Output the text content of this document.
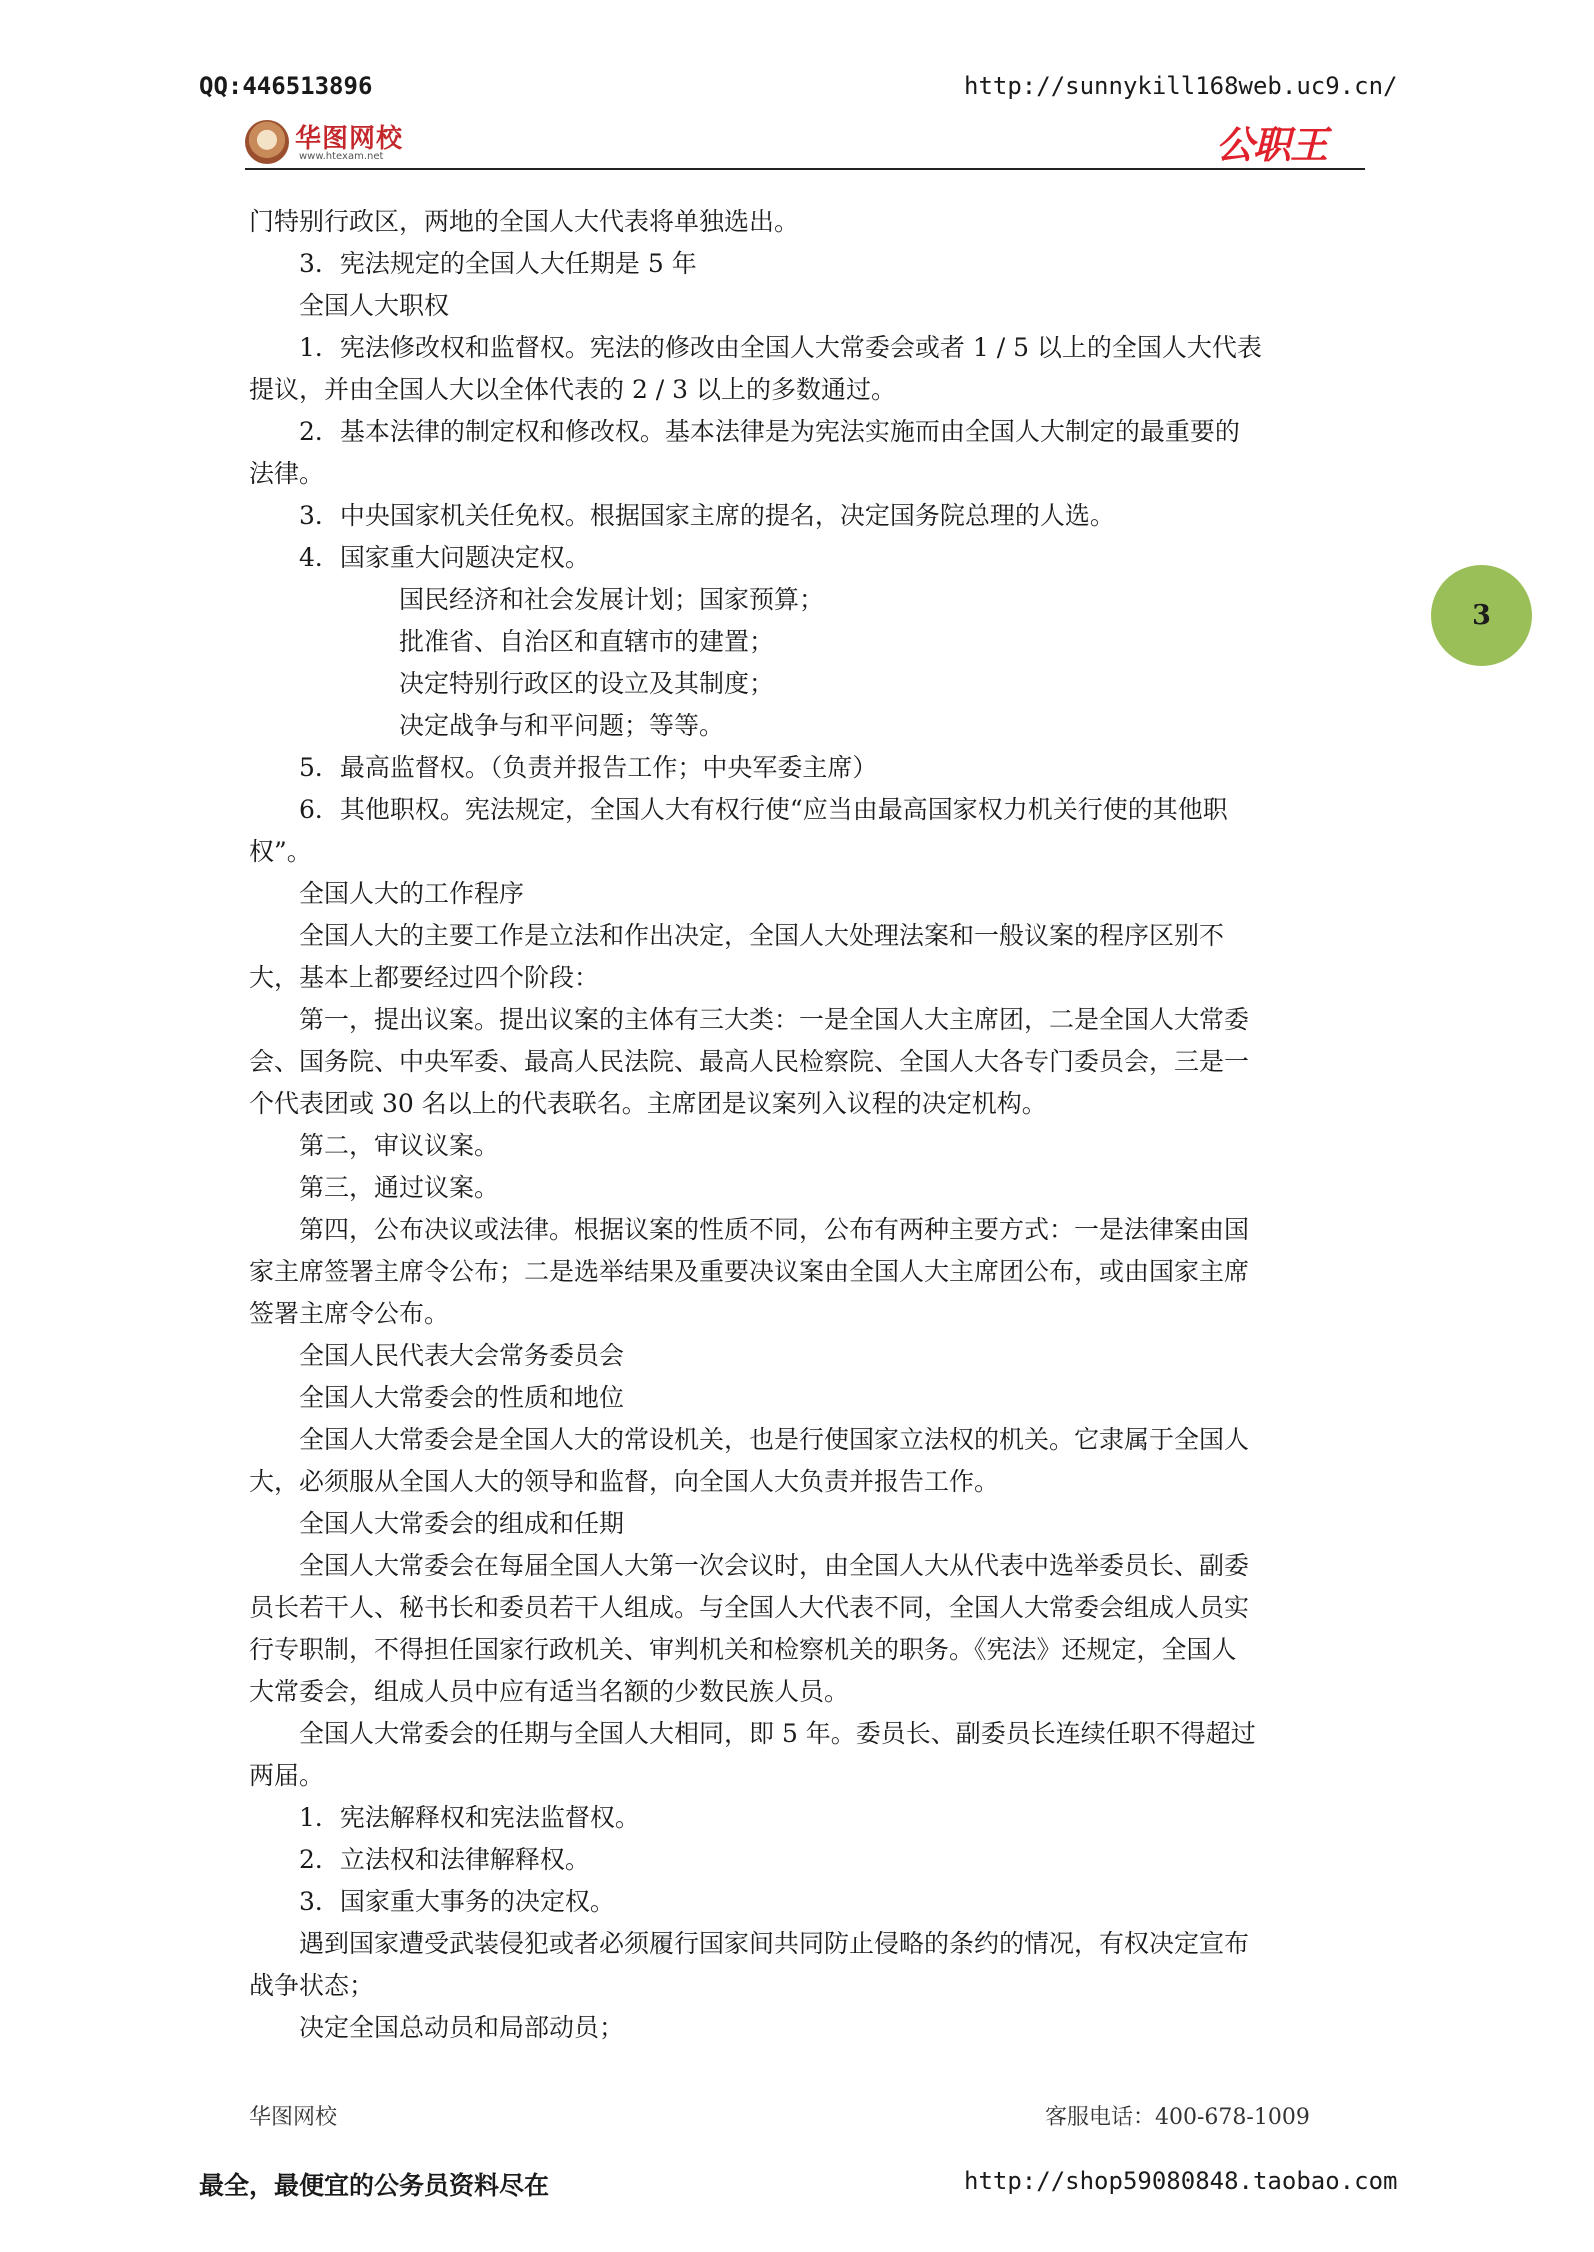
QQ:446513896	http://sunnykill168web.uc9.cn/
华图网校
www.htexam.net	公职王
3
门特别行政区，两地的全国人大代表将单独选出。
　　3．宪法规定的全国人大任期是 5 年
　　全国人大职权
　　1．宪法修改权和监督权。宪法的修改由全国人大常委会或者 1 / 5 以上的全国人大代表
提议，并由全国人大以全体代表的 2 / 3 以上的多数通过。
　　2．基本法律的制定权和修改权。基本法律是为宪法实施而由全国人大制定的最重要的
法律。
　　3．中央国家机关任免权。根据国家主席的提名，决定国务院总理的人选。
　　4．国家重大问题决定权。
　　　　　　国民经济和社会发展计划；国家预算；
　　　　　　批准省、自治区和直辖市的建置；
　　　　　　决定特别行政区的设立及其制度；
　　　　　　决定战争与和平问题；等等。
　　5．最高监督权。（负责并报告工作；中央军委主席）
　　6．其他职权。宪法规定，全国人大有权行使“应当由最高国家权力机关行使的其他职
权”。
　　全国人大的工作程序
　　全国人大的主要工作是立法和作出决定，全国人大处理法案和一般议案的程序区别不
大，基本上都要经过四个阶段：
　　第一，提出议案。提出议案的主体有三大类：一是全国人大主席团，二是全国人大常委
会、国务院、中央军委、最高人民法院、最高人民检察院、全国人大各专门委员会，三是一
个代表团或 30 名以上的代表联名。主席团是议案列入议程的决定机构。
　　第二，审议议案。
　　第三，通过议案。
　　第四，公布决议或法律。根据议案的性质不同，公布有两种主要方式：一是法律案由国
家主席签署主席令公布；二是选举结果及重要决议案由全国人大主席团公布，或由国家主席
签署主席令公布。
　　全国人民代表大会常务委员会
　　全国人大常委会的性质和地位
　　全国人大常委会是全国人大的常设机关，也是行使国家立法权的机关。它隶属于全国人
大，必须服从全国人大的领导和监督，向全国人大负责并报告工作。
　　全国人大常委会的组成和任期
　　全国人大常委会在每届全国人大第一次会议时，由全国人大从代表中选举委员长、副委
员长若干人、秘书长和委员若干人组成。与全国人大代表不同，全国人大常委会组成人员实
行专职制，不得担任国家行政机关、审判机关和检察机关的职务。《宪法》还规定，全国人
大常委会，组成人员中应有适当名额的少数民族人员。
　　全国人大常委会的任期与全国人大相同，即 5 年。委员长、副委员长连续任职不得超过
两届。
　　1．宪法解释权和宪法监督权。
　　2．立法权和法律解释权。
　　3．国家重大事务的决定权。
　　遇到国家遭受武装侵犯或者必须履行国家间共同防止侵略的条约的情况，有权决定宣布
战争状态；
　　决定全国总动员和局部动员；
华图网校	客服电话：400-678-1009
最全，最便宜的公务员资料尽在	http://shop59080848.taobao.com
